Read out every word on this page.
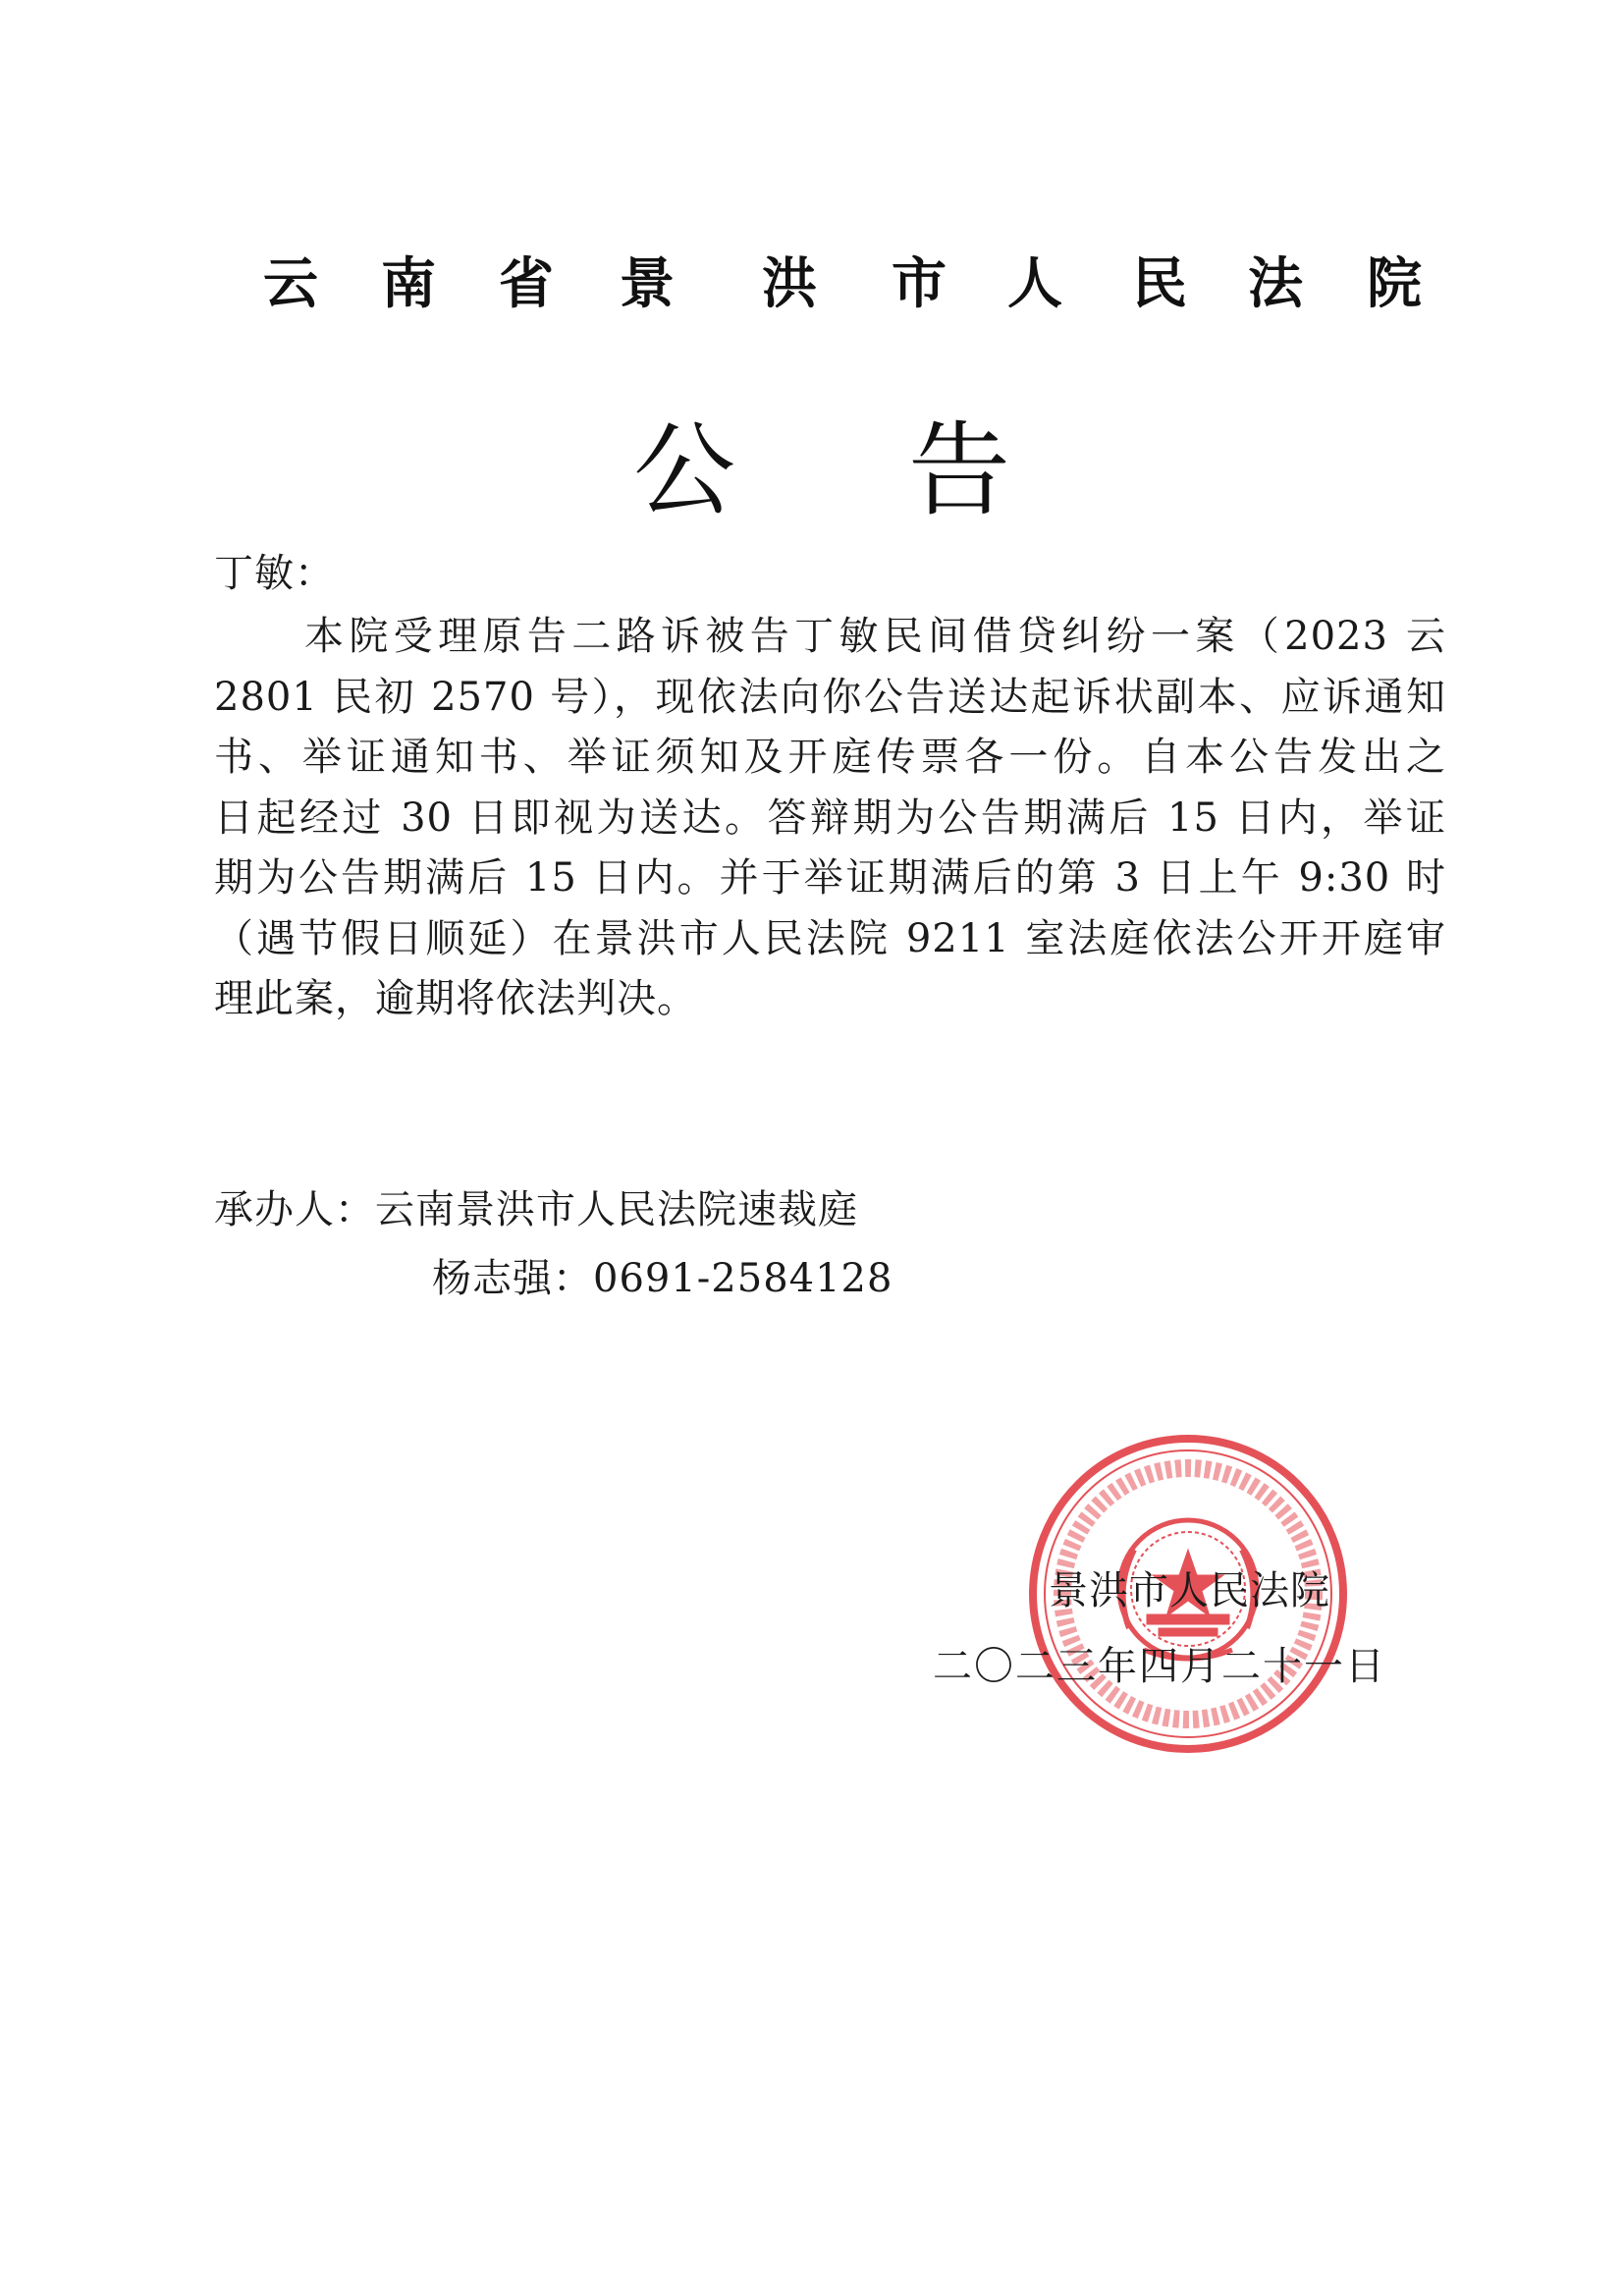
云 南 省 景 洪 市 人 民 法 院
公 告
丁敏：
本院受理原告二路诉被告丁敏民间借贷纠纷一案（2023 云
2801 民初 2570 号），现依法向你公告送达起诉状副本、应诉通知
书、举证通知书、举证须知及开庭传票各一份。自本公告发出之
日起经过 30 日即视为送达。答辩期为公告期满后 15 日内，举证
期为公告期满后 15 日内。并于举证期满后的第 3 日上午 9:30 时
（遇节假日顺延）在景洪市人民法院 9211 室法庭依法公开开庭审
理此案，逾期将依法判决。
承办人：云南景洪市人民法院速裁庭
杨志强：0691-2584128
景洪市人民法院
二〇二三年四月二十一日
